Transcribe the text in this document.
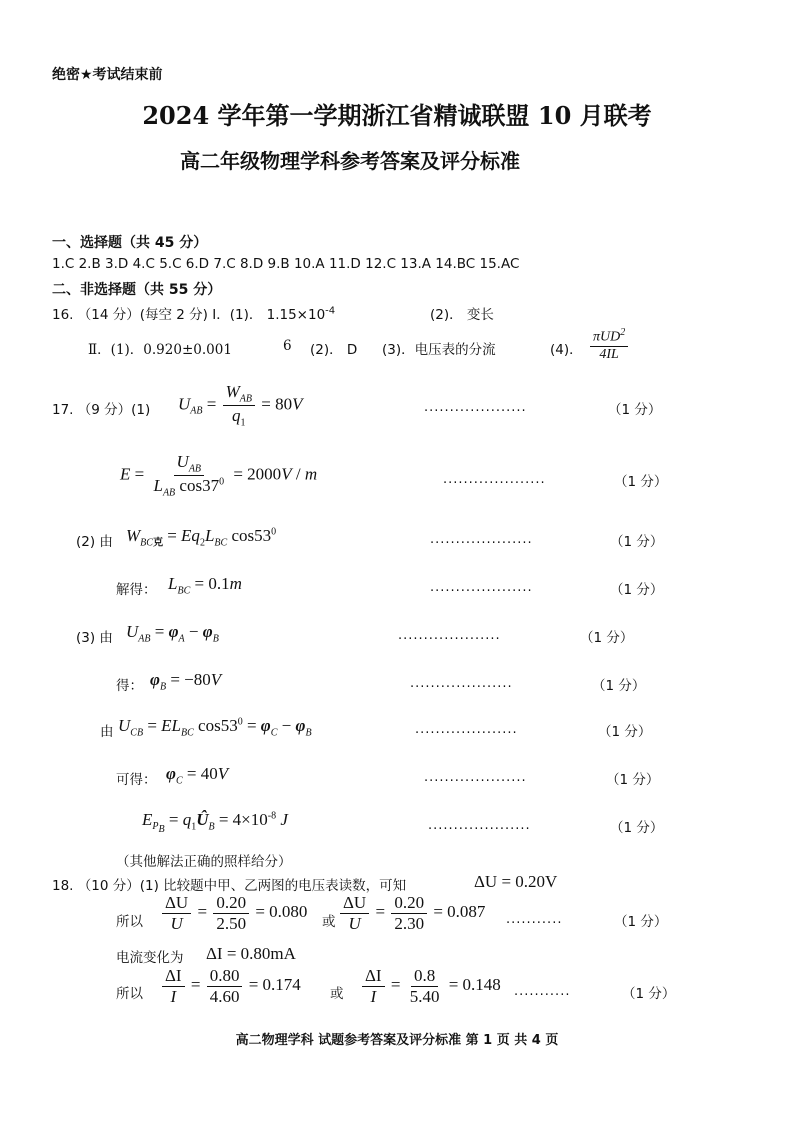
绝密★考试结束前
2024 学年第一学期浙江省精诚联盟 10 月联考
高二年级物理学科参考答案及评分标准
一、选择题（共 45 分）
1.C 2.B 3.D 4.C 5.C 6.D 7.C 8.D 9.B 10.A 11.D 12.C 13.A 14.BC 15.AC
二、非选择题（共 55 分）
16. （14 分）(每空 2 分) Ⅰ．(1)． $1.15\times 10^{-4}$	(2)． 变长
Ⅱ．(1)．0.920±0.001	6 (2)． D (3)．电压表的分流	(4)． $\frac{\pi UD^2}{4IL}$
17. （9 分）(1) $U_{AB} = \frac{W_{AB}}{q_1} = 80V$	....................	（1 分）
$E = \frac{U_{AB}}{L_{AB} \cos 37^0} = 2000V / m$	....................	（1 分）
(2) 由 $W_{BC克} = Eq_2L_{BC}$ $\cos 53^0$
....................	（1 分）
解得： $L_{BC} = 0.1m$	....................	（1 分）
(3) 由 $U_{AB} = \varphi_A - \varphi_B$	....................	（1 分）
得： $\varphi_B = -80V$	....................	（1 分）
由 $U_{CB} = EL_{BC}$ $\cos 53^0 = \varphi_C - \varphi_B$	....................	（1 分）
可得： $\varphi_C = 40V$	....................	（1 分）
$E_{P_B}$ = $q_1Û_B = 4\times 10^{-8}$ J	....................	（1 分）
（其他解法正确的照样给分）
18. （10 分）(1) 比较题中甲、乙两图的电压表读数，可知	ΔU = 0.20V
所以 $\frac{\Delta U}{U} = \frac{0.20}{2.50} = 0.080$
或 $\frac{\Delta U}{U} = \frac{0.20}{2.30} = 0.087$ ...........	（1 分）
电流变化为 ΔI = 0.80mA
所以 $\frac{\Delta I}{I} = \frac{0.80}{4.60} = 0.174$
或 $\frac{\Delta I}{I} = \frac{0.8}{5.40} = 0.148$ ...........	（1 分）
高二物理学科 试题参考答案及评分标准 第 1 页 共 4 页
